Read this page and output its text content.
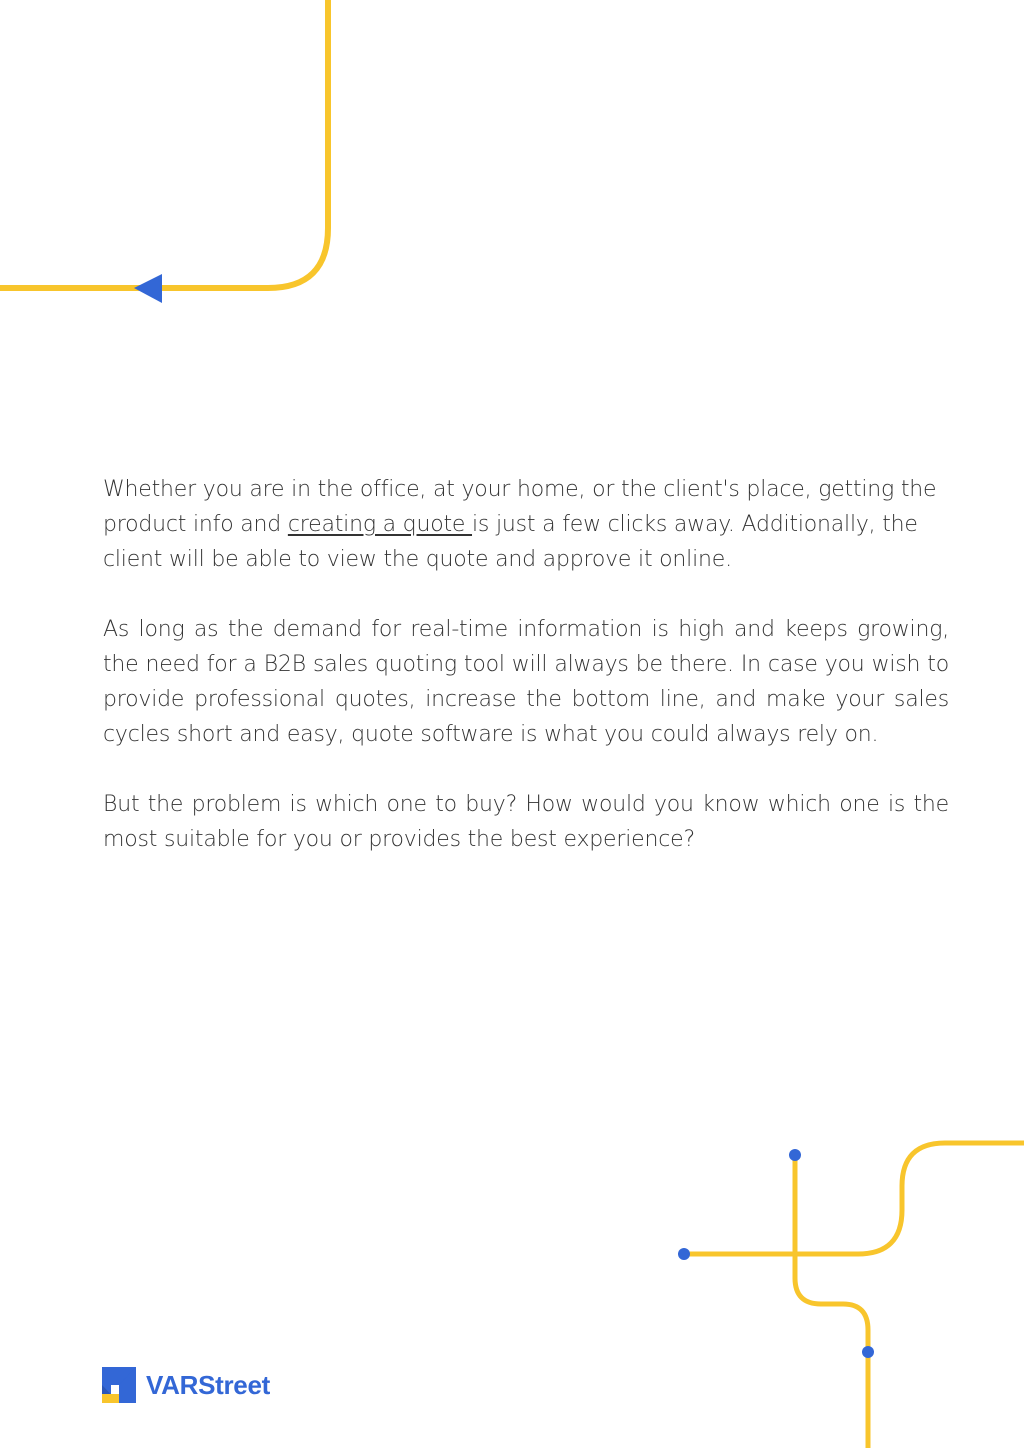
Whether you are in the office, at your home, or the client's place, getting the product info and creating a quote is just a few clicks away. Additionally, the client will be able to view the quote and approve it online.

As long as the demand for real-time information is high and keeps growing, the need for a B2B sales quoting tool will always be there. In case you wish to provide professional quotes, increase the bottom line, and make your sales cycles short and easy, quote software is what you could always rely on.

But the problem is which one to buy? How would you know which one is the most suitable for you or provides the best experience?

VARStreet
